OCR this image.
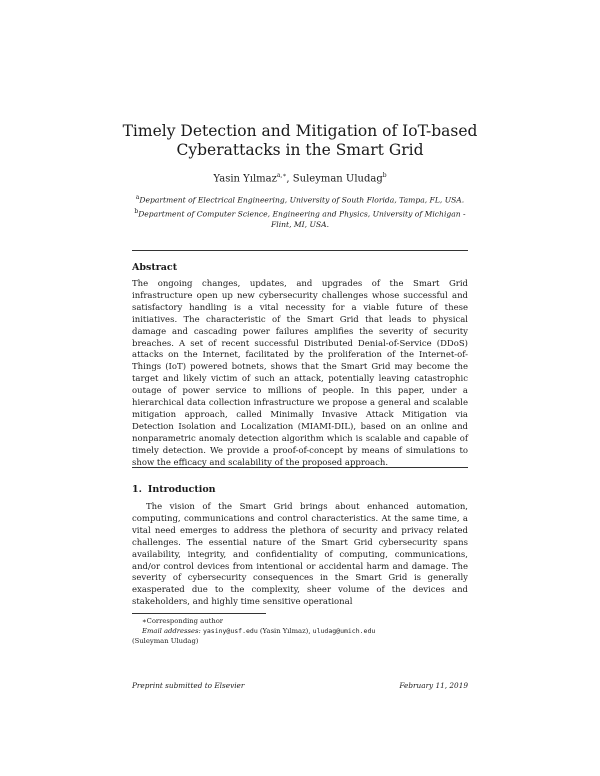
Timely Detection and Mitigation of IoT-based
Cyberattacks in the Smart Grid
Yasin Yılmaz$^{a,∗}$, Suleyman Uludag$^b$
$^a$Department of Electrical Engineering, University of South Florida, Tampa, FL, USA.
$^b$Department of Computer Science, Engineering and Physics, University of Michigan - Flint, MI, USA.
Abstract
The ongoing changes, updates, and upgrades of the Smart Grid infrastructure open up new cybersecurity challenges whose successful and satisfactory handling is a vital necessity for a viable future of these initiatives. The characteristic of the Smart Grid that leads to physical damage and cascading power failures amplifies the severity of security breaches. A set of recent successful Distributed Denial-of-Service (DDoS) attacks on the Internet, facilitated by the proliferation of the Internet-of-Things (IoT) powered botnets, shows that the Smart Grid may become the target and likely victim of such an attack, potentially leaving catastrophic outage of power service to millions of people. In this paper, under a hierarchical data collection infrastructure we propose a general and scalable mitigation approach, called Minimally Invasive Attack Mitigation via Detection Isolation and Localization (MIAMI-DIL), based on an online and nonparametric anomaly detection algorithm which is scalable and capable of timely detection. We provide a proof-of-concept by means of simulations to show the efficacy and scalability of the proposed approach.
1. Introduction
The vision of the Smart Grid brings about enhanced automation, computing, communications and control characteristics. At the same time, a vital need emerges to address the plethora of security and privacy related challenges. The essential nature of the Smart Grid cybersecurity spans availability, integrity, and confidentiality of computing, communications, and/or control devices from intentional or accidental harm and damage. The severity of cybersecurity consequences in the Smart Grid is generally exasperated due to the complexity, sheer volume of the devices and stakeholders, and highly time sensitive operational
∗Corresponding author
Email addresses: yasiny@usf.edu (Yasin Yılmaz), uludag@umich.edu
(Suleyman Uludag)
Preprint submitted to Elsevier	February 11, 2019
